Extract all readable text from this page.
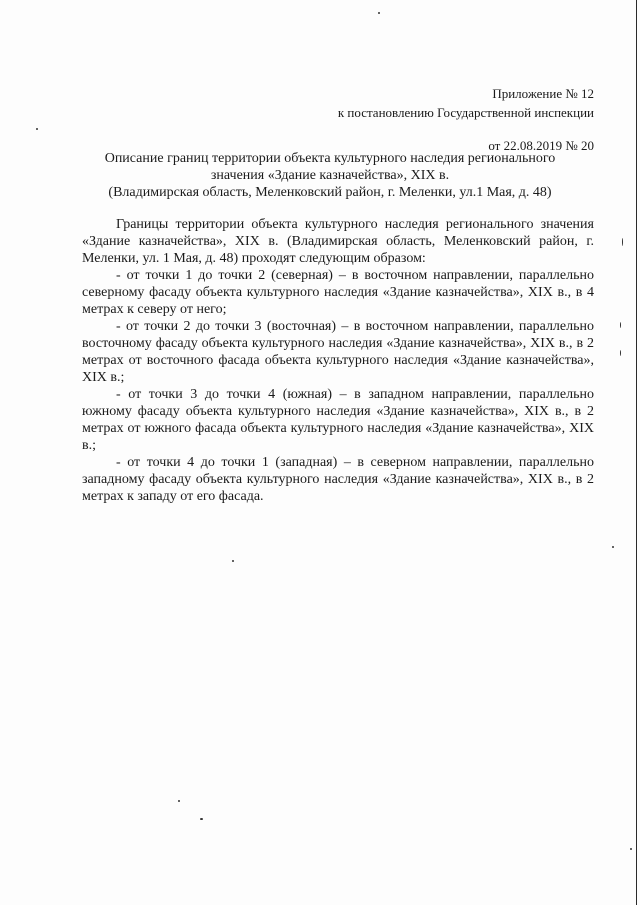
Приложение № 12
к постановлению Государственной инспекции
от 22.08.2019 № 20
Описание границ территории объекта культурного наследия регионального
значения «Здание казначейства», XIX в.
(Владимирская область, Меленковский район, г. Меленки, ул.1 Мая, д. 48)

Границы территории объекта культурного наследия регионального значения «Здание казначейства», XIX в. (Владимирская область, Меленковский район, г. Меленки, ул. 1 Мая, д. 48) проходят следующим образом:

- от точки 1 до точки 2 (северная) – в восточном направлении, параллельно северному фасаду объекта культурного наследия «Здание казначейства», XIX в., в 4 метрах к северу от него;

- от точки 2 до точки 3 (восточная) – в восточном направлении, параллельно восточному фасаду объекта культурного наследия «Здание казначейства», XIX в., в 2 метрах от восточного фасада объекта культурного наследия «Здание казначейства», XIX в.;

- от точки 3 до точки 4 (южная) – в западном направлении, параллельно южному фасаду объекта культурного наследия «Здание казначейства», XIX в., в 2 метрах от южного фасада объекта культурного наследия «Здание казначейства», XIX в.;

- от точки 4 до точки 1 (западная) – в северном направлении, параллельно западному фасаду объекта культурного наследия «Здание казначейства», XIX в., в 2 метрах к западу от его фасада.
